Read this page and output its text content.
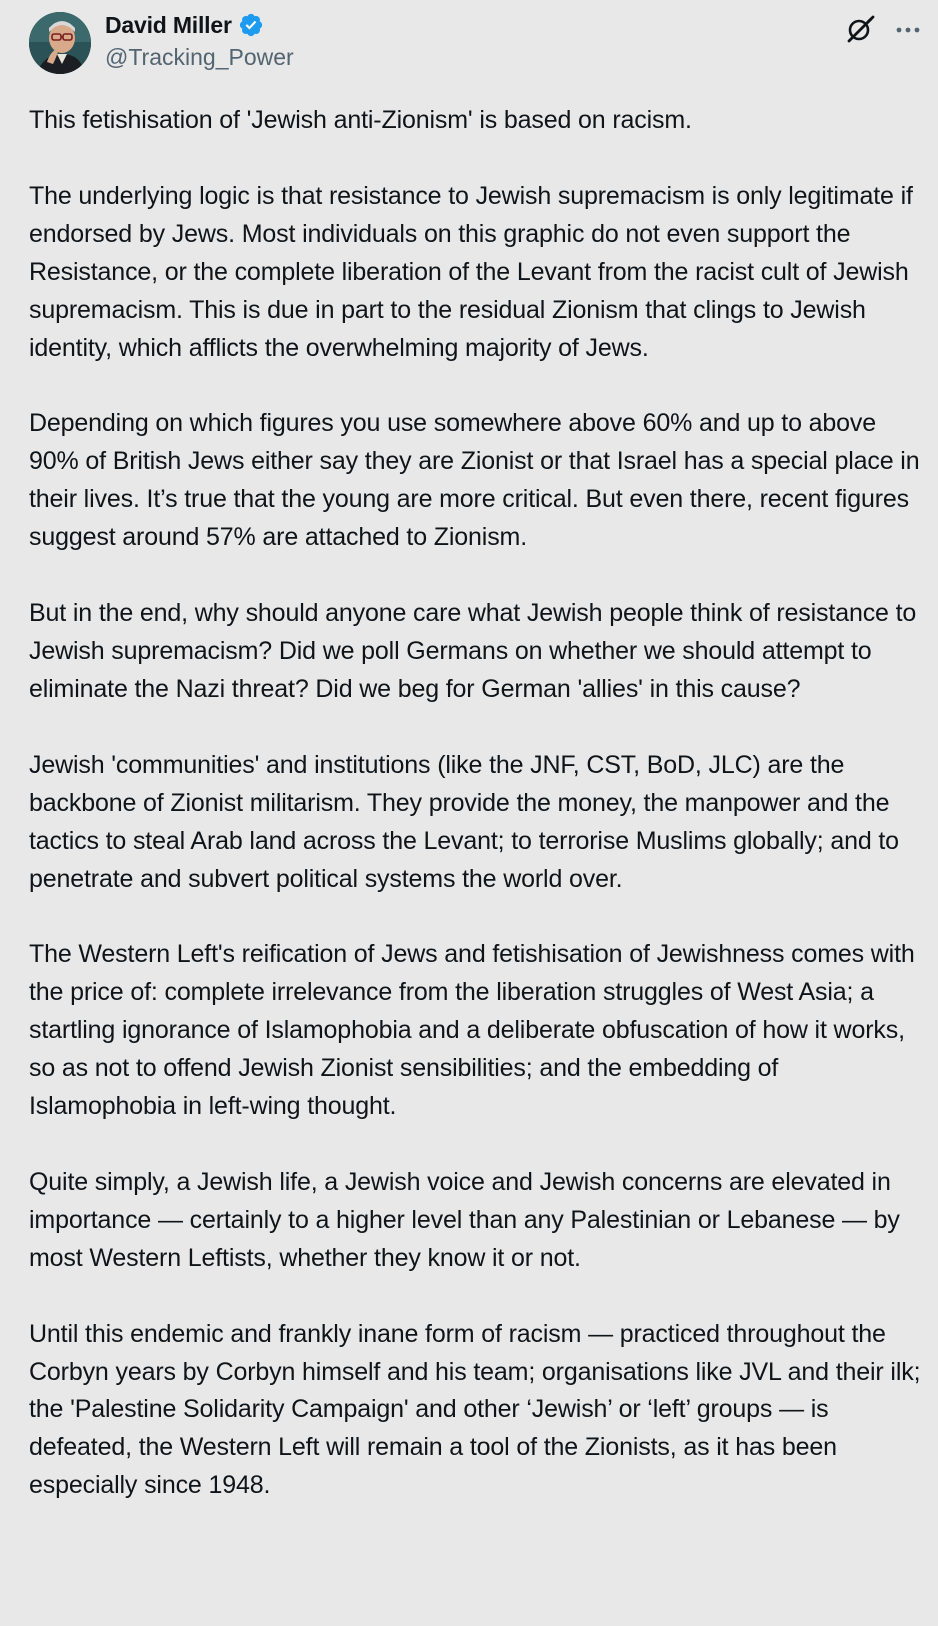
David Miller
@Tracking_Power

This fetishisation of 'Jewish anti-Zionism' is based on racism.

The underlying logic is that resistance to Jewish supremacism is only legitimate if endorsed by Jews. Most individuals on this graphic do not even support the Resistance, or the complete liberation of the Levant from the racist cult of Jewish supremacism. This is due in part to the residual Zionism that clings to Jewish identity, which afflicts the overwhelming majority of Jews.

Depending on which figures you use somewhere above 60% and up to above 90% of British Jews either say they are Zionist or that Israel has a special place in their lives. It’s true that the young are more critical. But even there, recent figures suggest around 57% are attached to Zionism.

But in the end, why should anyone care what Jewish people think of resistance to Jewish supremacism? Did we poll Germans on whether we should attempt to eliminate the Nazi threat? Did we beg for German 'allies' in this cause?

Jewish 'communities' and institutions (like the JNF, CST, BoD, JLC) are the backbone of Zionist militarism. They provide the money, the manpower and the tactics to steal Arab land across the Levant; to terrorise Muslims globally; and to penetrate and subvert political systems the world over.

The Western Left's reification of Jews and fetishisation of Jewishness comes with the price of: complete irrelevance from the liberation struggles of West Asia; a startling ignorance of Islamophobia and a deliberate obfuscation of how it works, so as not to offend Jewish Zionist sensibilities; and the embedding of Islamophobia in left-wing thought.

Quite simply, a Jewish life, a Jewish voice and Jewish concerns are elevated in importance — certainly to a higher level than any Palestinian or Lebanese — by most Western Leftists, whether they know it or not.

Until this endemic and frankly inane form of racism — practiced throughout the Corbyn years by Corbyn himself and his team; organisations like JVL and their ilk; the 'Palestine Solidarity Campaign' and other ‘Jewish’ or ‘left’ groups — is defeated, the Western Left will remain a tool of the Zionists, as it has been especially since 1948.
